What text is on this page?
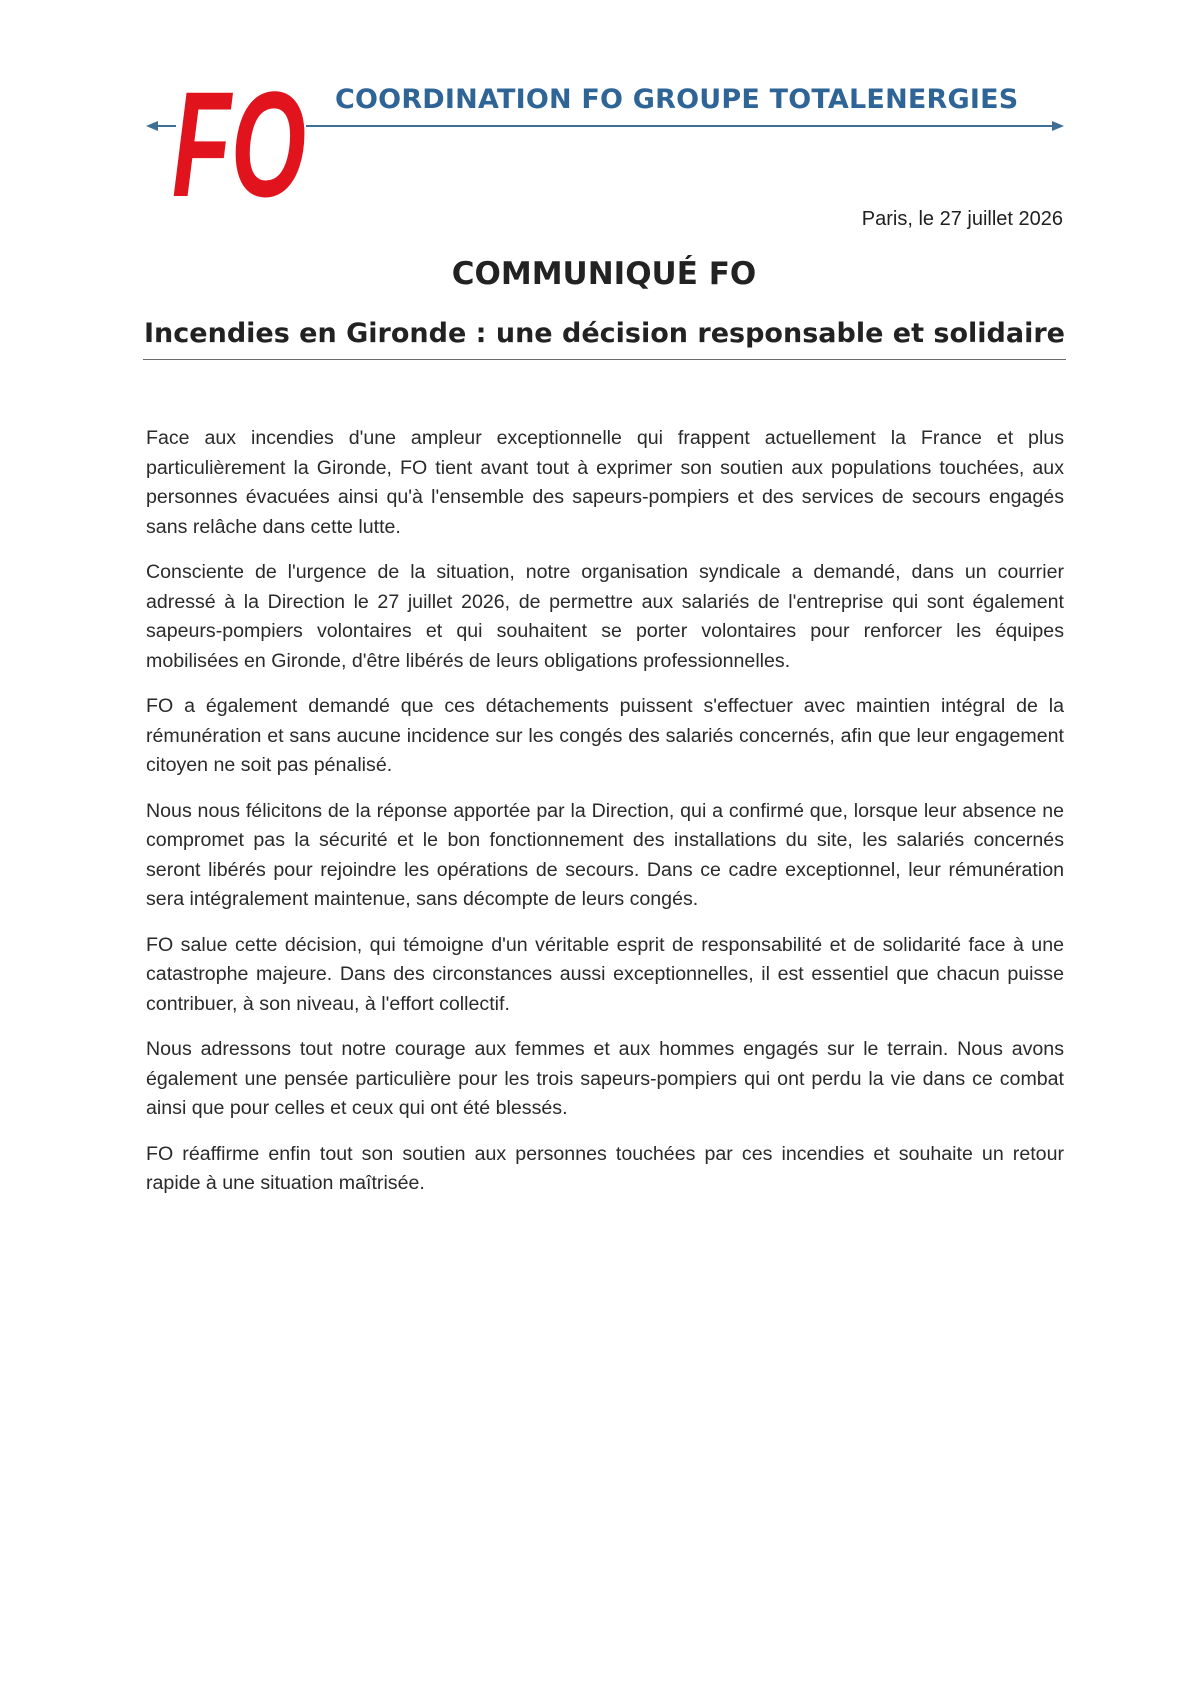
FO COORDINATION FO GROUPE TOTALENERGIES
Paris, le 27 juillet 2026
COMMUNIQUÉ FO
Incendies en Gironde : une décision responsable et solidaire

Face aux incendies d'une ampleur exceptionnelle qui frappent actuellement la France et plus particulièrement la Gironde, FO tient avant tout à exprimer son soutien aux populations touchées, aux personnes évacuées ainsi qu'à l'ensemble des sapeurs-pompiers et des services de secours engagés sans relâche dans cette lutte.

Consciente de l'urgence de la situation, notre organisation syndicale a demandé, dans un courrier adressé à la Direction le 27 juillet 2026, de permettre aux salariés de l'entreprise qui sont également sapeurs-pompiers volontaires et qui souhaitent se porter volontaires pour renforcer les équipes mobilisées en Gironde, d'être libérés de leurs obligations professionnelles.

FO a également demandé que ces détachements puissent s'effectuer avec maintien intégral de la rémunération et sans aucune incidence sur les congés des salariés concernés, afin que leur engagement citoyen ne soit pas pénalisé.

Nous nous félicitons de la réponse apportée par la Direction, qui a confirmé que, lorsque leur absence ne compromet pas la sécurité et le bon fonctionnement des installations du site, les salariés concernés seront libérés pour rejoindre les opérations de secours. Dans ce cadre exceptionnel, leur rémunération sera intégralement maintenue, sans décompte de leurs congés.

FO salue cette décision, qui témoigne d'un véritable esprit de responsabilité et de solidarité face à une catastrophe majeure. Dans des circonstances aussi exceptionnelles, il est essentiel que chacun puisse contribuer, à son niveau, à l'effort collectif.

Nous adressons tout notre courage aux femmes et aux hommes engagés sur le terrain. Nous avons également une pensée particulière pour les trois sapeurs-pompiers qui ont perdu la vie dans ce combat ainsi que pour celles et ceux qui ont été blessés.

FO réaffirme enfin tout son soutien aux personnes touchées par ces incendies et souhaite un retour rapide à une situation maîtrisée.
